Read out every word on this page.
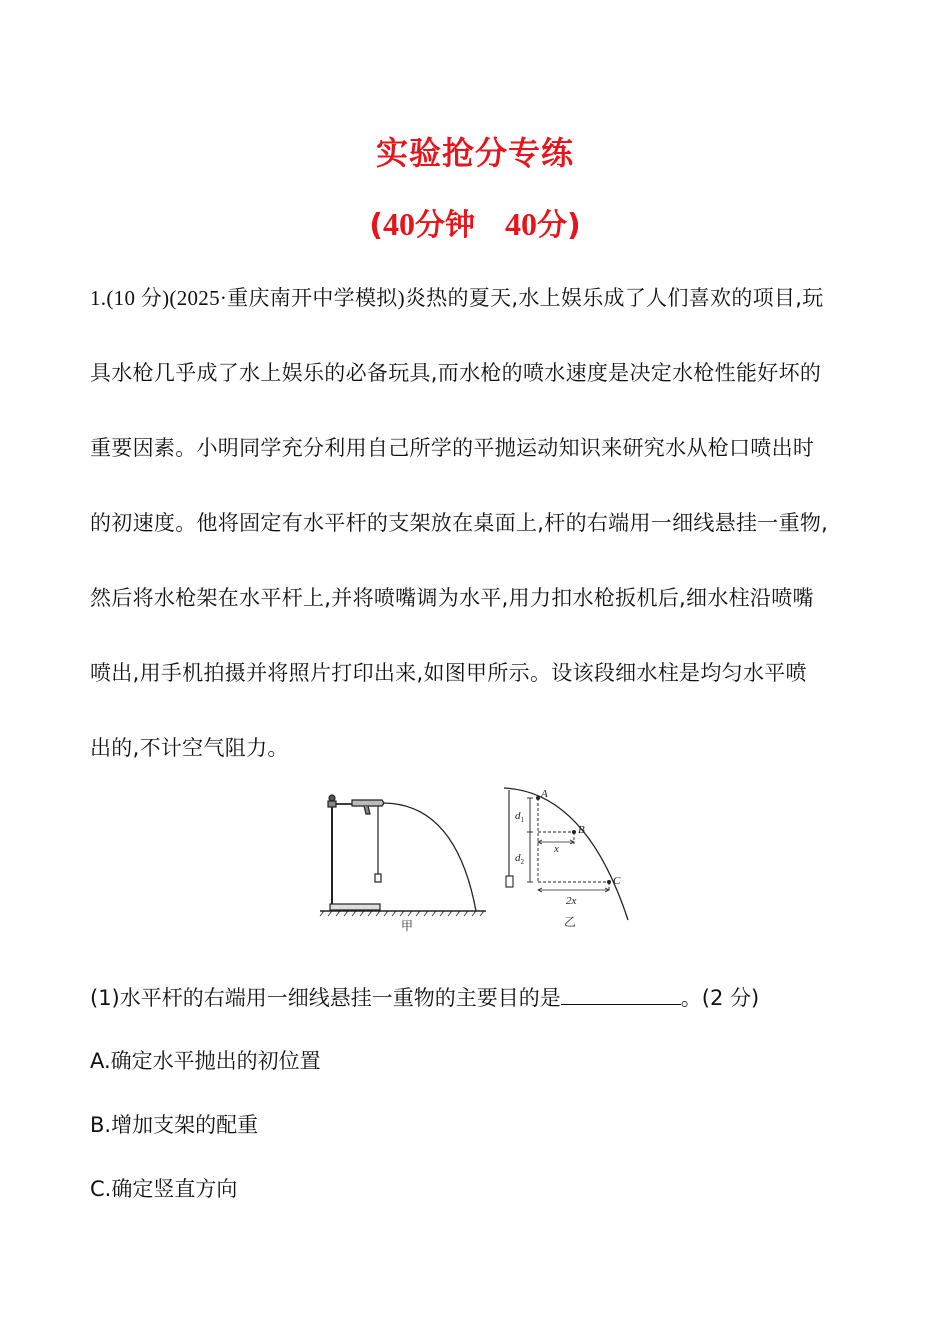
实验抢分专练
(40分钟 40分)
1.(10 分)(2025·重庆南开中学模拟)炎热的夏天,水上娱乐成了人们喜欢的项目,玩
具水枪几乎成了水上娱乐的必备玩具,而水枪的喷水速度是决定水枪性能好坏的
重要因素。小明同学充分利用自己所学的平抛运动知识来研究水从枪口喷出时
的初速度。他将固定有水平杆的支架放在桌面上,杆的右端用一细线悬挂一重物,
然后将水枪架在水平杆上,并将喷嘴调为水平,用力扣水枪扳机后,细水柱沿喷嘴
喷出,用手机拍摄并将照片打印出来,如图甲所示。设该段细水柱是均匀水平喷
出的,不计空气阻力。
甲
A
B
C
$d_1$
$d_2$
x
2x
乙
(1)水平杆的右端用一细线悬挂一重物的主要目的是	。(2 分)
A.确定水平抛出的初位置
B.增加支架的配重
C.确定竖直方向
